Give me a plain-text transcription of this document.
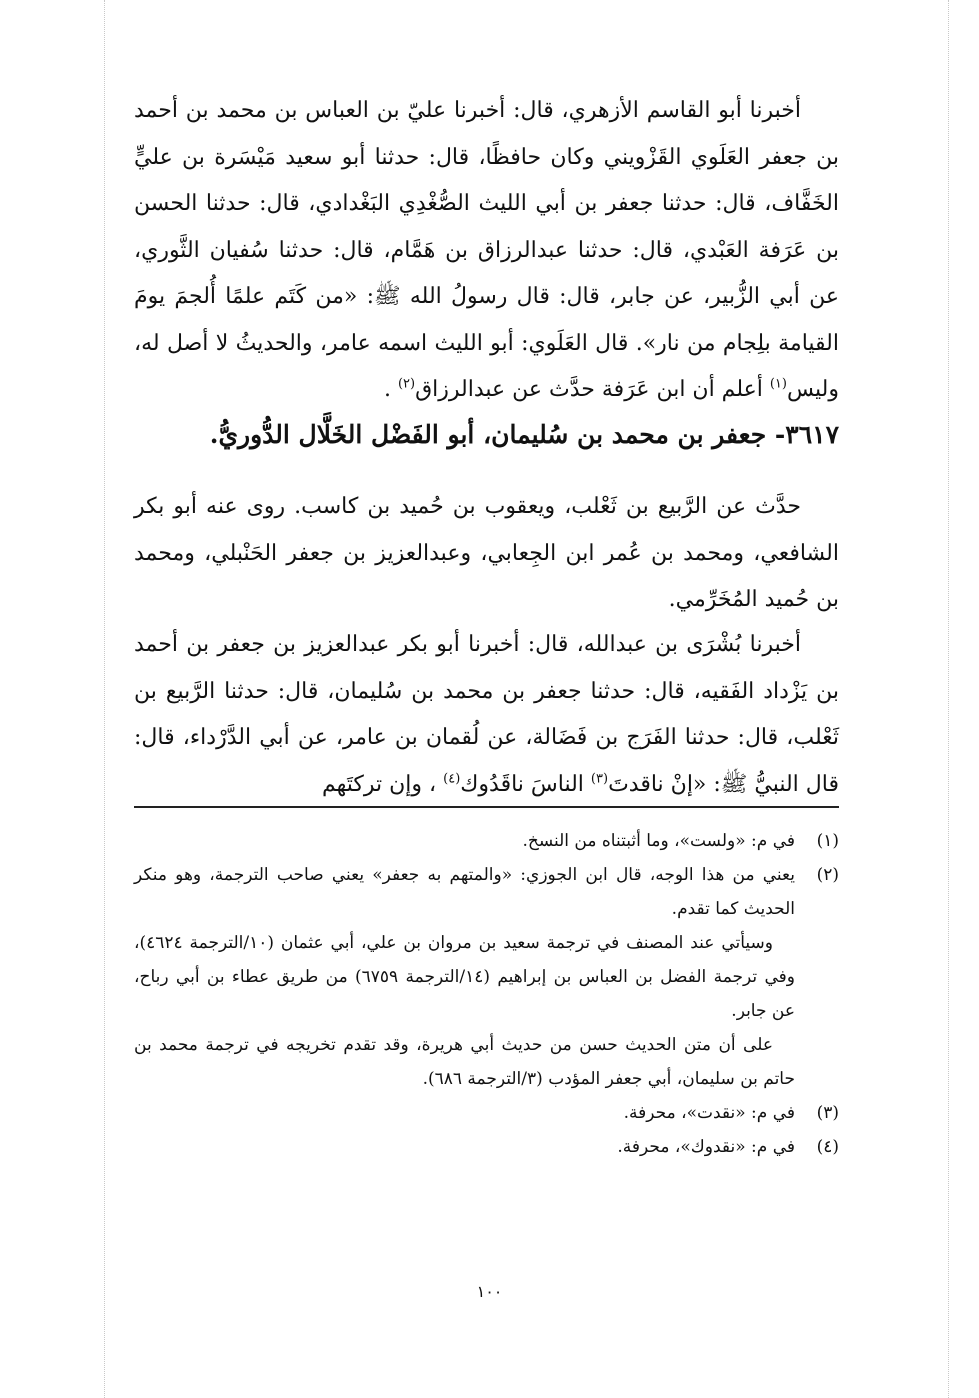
أخبرنا أبو القاسم الأزهري، قال: أخبرنا عليّ بن العباس بن محمد بن أحمد بن جعفر العَلَوي القَزْويني وكان حافظًا، قال: حدثنا أبو سعيد مَيْسَرة بن عليٍّ الخَفَّاف، قال: حدثنا جعفر بن أبي الليث الصُّغْدِي البَغْدادي، قال: حدثنا الحسن بن عَرَفة العَبْدي، قال: حدثنا عبدالرزاق بن هَمَّام، قال: حدثنا سُفيان الثَّوري، عن أبي الزُّبير، عن جابر، قال: قال رسولُ الله ﷺ: «من كَتَم علمًا أُلجمَ يومَ القيامة بلِجام من نار». قال العَلَوي: أبو الليث اسمه عامر، والحديثُ لا أصل له، وليس$^{(١)}$ أعلم أن ابن عَرَفة حدَّث عن عبدالرزاق$^{(٢)}$ .

٣٦١٧- جعفر بن محمد بن سُليمان، أبو الفَضْل الخَلَّال الدُّوريُّ.

حدَّث عن الرَّبيع بن ثَعْلب، ويعقوب بن حُميد بن كاسب. روى عنه أبو بكر الشافعي، ومحمد بن عُمر ابن الجِعابي، وعبدالعزيز بن جعفر الحَنْبلي، ومحمد بن حُميد المُخَرِّمي.

أخبرنا بُشْرَى بن عبدالله، قال: أخبرنا أبو بكر عبدالعزيز بن جعفر بن أحمد بن يَزْداد الفَقيه، قال: حدثنا جعفر بن محمد بن سُليمان، قال: حدثنا الرَّبيع بن ثَعْلب، قال: حدثنا الفَرَج بن فَضَالة، عن لُقمان بن عامر، عن أبي الدَّرْداء، قال: قال النبيُّ ﷺ: «إنْ ناقدتَ$^{(٣)}$ الناسَ ناقَدُوك$^{(٤)}$ ، وإن تركتَهم

(١)
في م: «ولست»، وما أثبتناه من النسخ.
(٢)
يعني من هذا الوجه، قال ابن الجوزي: «والمتهم به جعفر» يعني صاحب الترجمة، وهو منكر الحديث كما تقدم.

وسيأتي عند المصنف في ترجمة سعيد بن مروان بن علي، أبي عثمان (١٠/الترجمة ٤٦٢٤)، وفي ترجمة الفضل بن العباس بن إبراهيم (١٤/الترجمة ٦٧٥٩) من طريق عطاء بن أبي رباح، عن جابر.

على أن متن الحديث حسن من حديث أبي هريرة، وقد تقدم تخريجه في ترجمة محمد بن حاتم بن سليمان، أبي جعفر المؤدب (٣/الترجمة ٦٨٦).

(٣)
في م: «نقدت»، محرفة.
(٤)
في م: «نقدوك»، محرفة.
١٠٠
